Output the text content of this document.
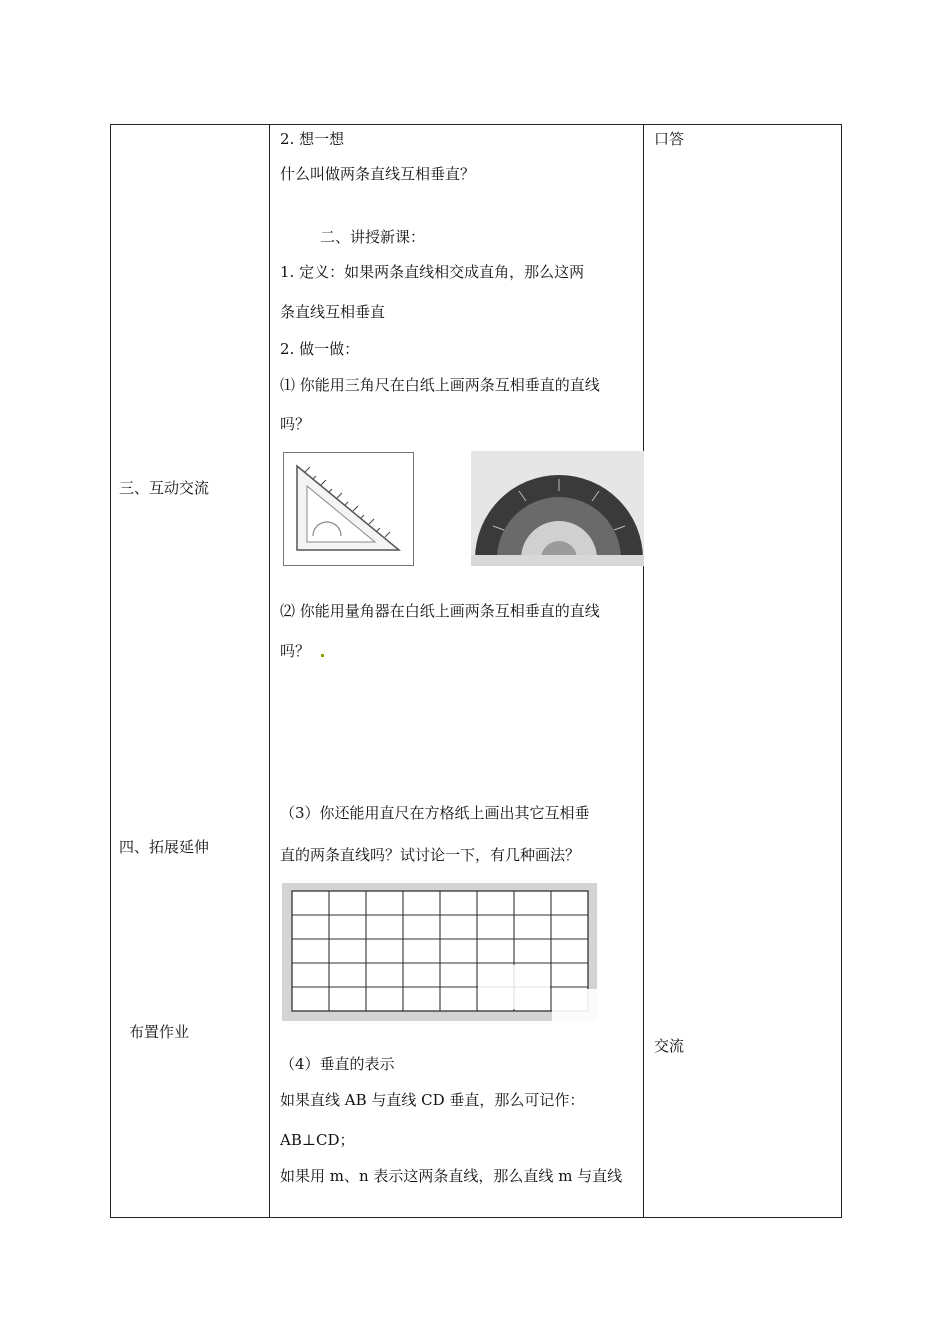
三、互动交流
四、拓展延伸
布置作业
2. 想一想
什么叫做两条直线互相垂直？
二、讲授新课：
1. 定义：如果两条直线相交成直角，那么这两
条直线互相垂直
2. 做一做：
⑴ 你能用三角尺在白纸上画两条互相垂直的直线
吗？
⑵ 你能用量角器在白纸上画两条互相垂直的直线
吗？
（3）你还能用直尺在方格纸上画出其它互相垂
直的两条直线吗？试讨论一下，有几种画法？
（4）垂直的表示
如果直线 AB 与直线 CD 垂直，那么可记作：
AB⊥CD；
如果用 m、n 表示这两条直线，那么直线 m 与直线
口答
交流
